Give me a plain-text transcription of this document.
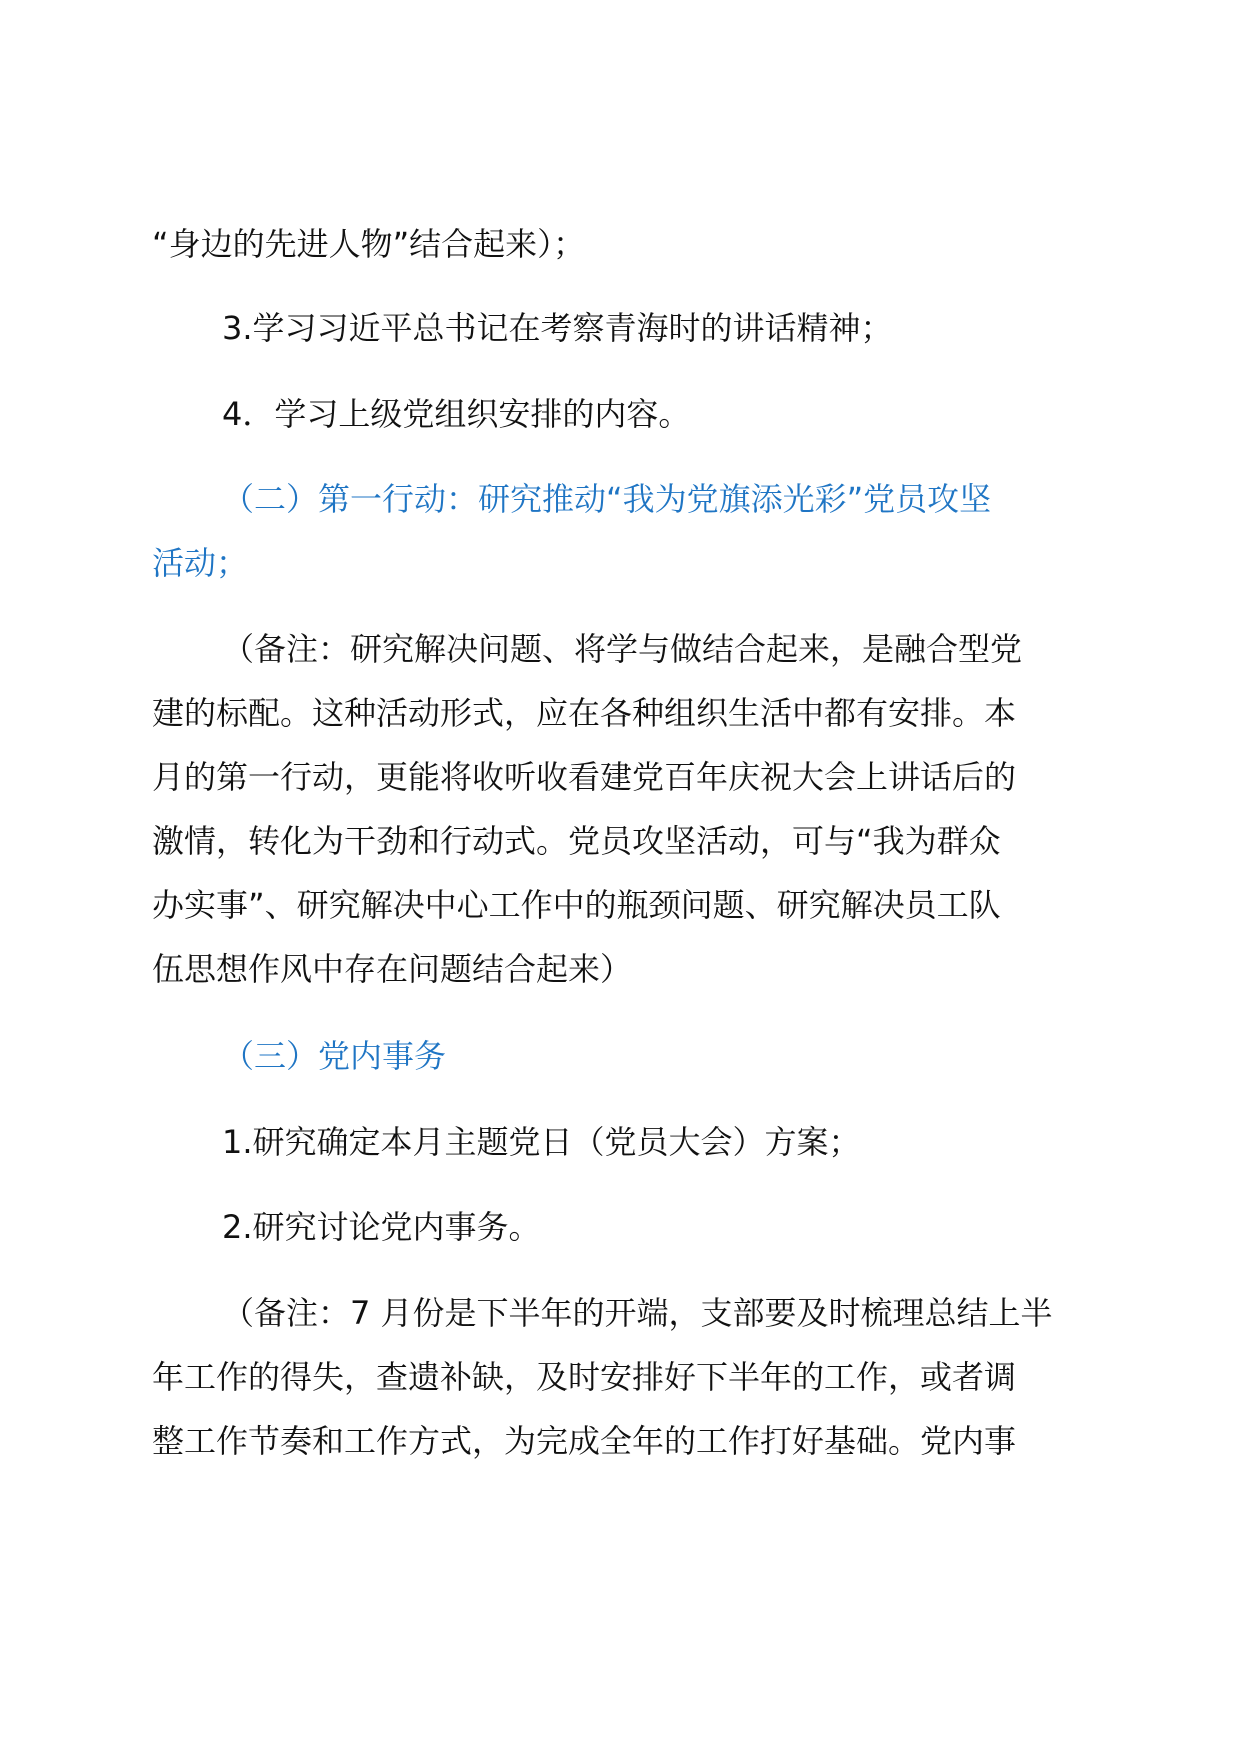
“身边的先进人物”结合起来）；

3.学习习近平总书记在考察青海时的讲话精神；

4．学习上级党组织安排的内容。

（二）第一行动：研究推动“我为党旗添光彩”党员攻坚
活动；

（备注：研究解决问题、将学与做结合起来，是融合型党
建的标配。这种活动形式，应在各种组织生活中都有安排。本
月的第一行动，更能将收听收看建党百年庆祝大会上讲话后的
激情，转化为干劲和行动式。党员攻坚活动，可与“我为群众
办实事”、研究解决中心工作中的瓶颈问题、研究解决员工队
伍思想作风中存在问题结合起来）

（三）党内事务

1.研究确定本月主题党日（党员大会）方案；

2.研究讨论党内事务。

（备注：7 月份是下半年的开端，支部要及时梳理总结上半
年工作的得失，查遗补缺，及时安排好下半年的工作，或者调
整工作节奏和工作方式，为完成全年的工作打好基础。党内事
